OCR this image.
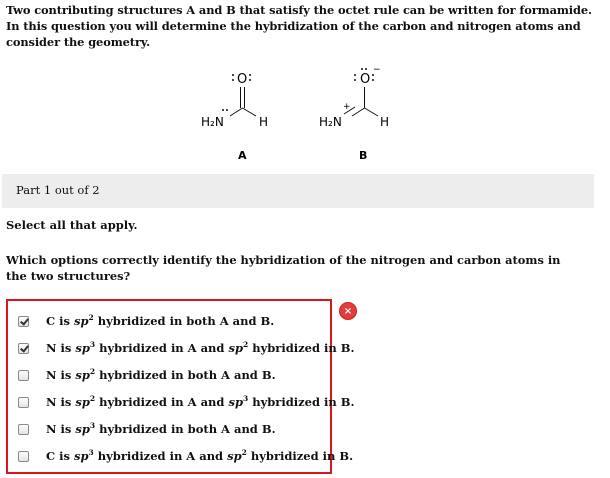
Two contributing structures A and B that satisfy the octet rule can be written for formamide. In this question you will determine the hybridization of the carbon and nitrogen atoms and consider the geometry.
O
H₂N	H
A
O
−
+
H₂N	H
B
Part 1 out of 2
Select all that apply.
Which options correctly identify the hybridization of the nitrogen and carbon atoms in the two structures?
C is $sp^2$ hybridized in both A and B.
N is $sp^3$ hybridized in A and $sp^2$ hybridized in B.
N is $sp^2$ hybridized in both A and B.
N is $sp^2$ hybridized in A and $sp^3$ hybridized in B.
N is $sp^3$ hybridized in both A and B.
C is $sp^3$ hybridized in A and $sp^2$ hybridized in B.
×
